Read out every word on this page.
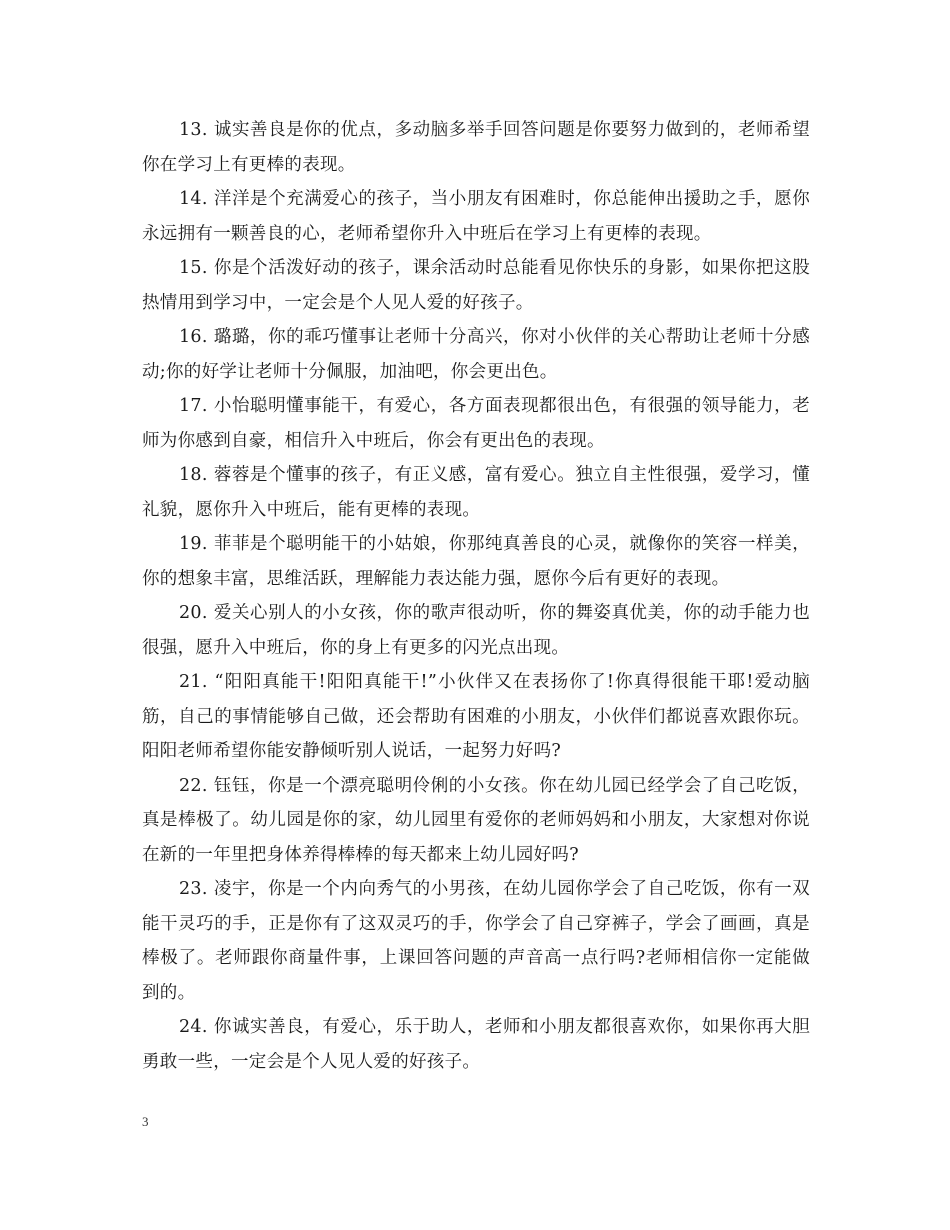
13. 诚实善良是你的优点，多动脑多举手回答问题是你要努力做到的，老师希望你在学习上有更棒的表现。

14. 洋洋是个充满爱心的孩子，当小朋友有困难时，你总能伸出援助之手，愿你永远拥有一颗善良的心，老师希望你升入中班后在学习上有更棒的表现。

15. 你是个活泼好动的孩子，课余活动时总能看见你快乐的身影，如果你把这股热情用到学习中，一定会是个人见人爱的好孩子。

16. 璐璐，你的乖巧懂事让老师十分高兴，你对小伙伴的关心帮助让老师十分感动;你的好学让老师十分佩服，加油吧，你会更出色。

17. 小怡聪明懂事能干，有爱心，各方面表现都很出色，有很强的领导能力，老师为你感到自豪，相信升入中班后，你会有更出色的表现。

18. 蓉蓉是个懂事的孩子，有正义感，富有爱心。独立自主性很强，爱学习，懂礼貌，愿你升入中班后，能有更棒的表现。

19. 菲菲是个聪明能干的小姑娘，你那纯真善良的心灵，就像你的笑容一样美，你的想象丰富，思维活跃，理解能力表达能力强，愿你今后有更好的表现。

20. 爱关心别人的小女孩，你的歌声很动听，你的舞姿真优美，你的动手能力也很强，愿升入中班后，你的身上有更多的闪光点出现。

21. “阳阳真能干!阳阳真能干!”小伙伴又在表扬你了!你真得很能干耶!爱动脑筋，自己的事情能够自己做，还会帮助有困难的小朋友，小伙伴们都说喜欢跟你玩。阳阳老师希望你能安静倾听别人说话，一起努力好吗?

22. 钰钰，你是一个漂亮聪明伶俐的小女孩。你在幼儿园已经学会了自己吃饭，真是棒极了。幼儿园是你的家，幼儿园里有爱你的老师妈妈和小朋友，大家想对你说在新的一年里把身体养得棒棒的每天都来上幼儿园好吗?

23. 凌宇，你是一个内向秀气的小男孩，在幼儿园你学会了自己吃饭，你有一双能干灵巧的手，正是你有了这双灵巧的手，你学会了自己穿裤子，学会了画画，真是棒极了。老师跟你商量件事，上课回答问题的声音高一点行吗?老师相信你一定能做到的。

24. 你诚实善良，有爱心，乐于助人，老师和小朋友都很喜欢你，如果你再大胆勇敢一些，一定会是个人见人爱的好孩子。

3
